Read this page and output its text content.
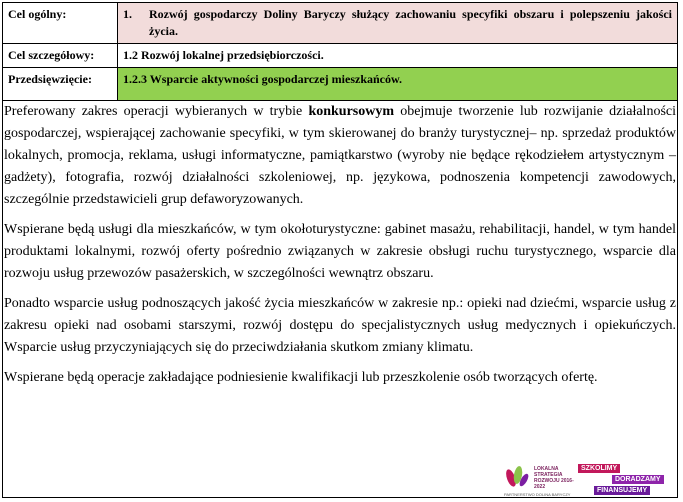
Cel ogólny:	1. Rozwój gospodarczy Doliny Baryczy służący zachowaniu specyfiki obszaru i polepszeniu jakości życia.

Cel szczegółowy:	1.2 Rozwój lokalnej przedsiębiorczości.
Przedsięwzięcie:	1.2.3 Wsparcie aktywności gospodarczej mieszkańców.

Preferowany zakres operacji wybieranych w trybie konkursowym obejmuje tworzenie lub rozwijanie działalności gospodarczej, wspierającej zachowanie specyfiki, w tym skierowanej do branży turystycznej– np. sprzedaż produktów lokalnych, promocja, reklama, usługi informatyczne, pamiątkarstwo (wyroby nie będące rękodziełem artystycznym – gadżety), fotografia, rozwój działalności szkoleniowej, np. językowa, podnoszenia kompetencji zawodowych, szczególnie przedstawicieli grup defaworyzowanych.

Wspierane będą usługi dla mieszkańców, w tym okołoturystyczne: gabinet masażu, rehabilitacji, handel, w tym handel produktami lokalnymi, rozwój oferty pośrednio związanych w zakresie obsługi ruchu turystycznego, wsparcie dla rozwoju usług przewozów pasażerskich, w szczególności wewnątrz obszaru.

Ponadto wsparcie usług podnoszących jakość życia mieszkańców w zakresie np.: opieki nad dziećmi, wsparcie usług z zakresu opieki nad osobami starszymi, rozwój dostępu do specjalistycznych usług medycznych i opiekuńczych. Wsparcie usług przyczyniających się do przeciwdziałania skutkom zmiany klimatu.

Wspierane będą operacje zakładające podniesienie kwalifikacji lub przeszkolenie osób tworzących ofertę.

LOKALNA STRATEGIA ROZWOJU 2016-2022
PARTNERSTWO DOLINA BARYCZY
SZKOLIMY
DORADZAMY
FINANSUJEMY
